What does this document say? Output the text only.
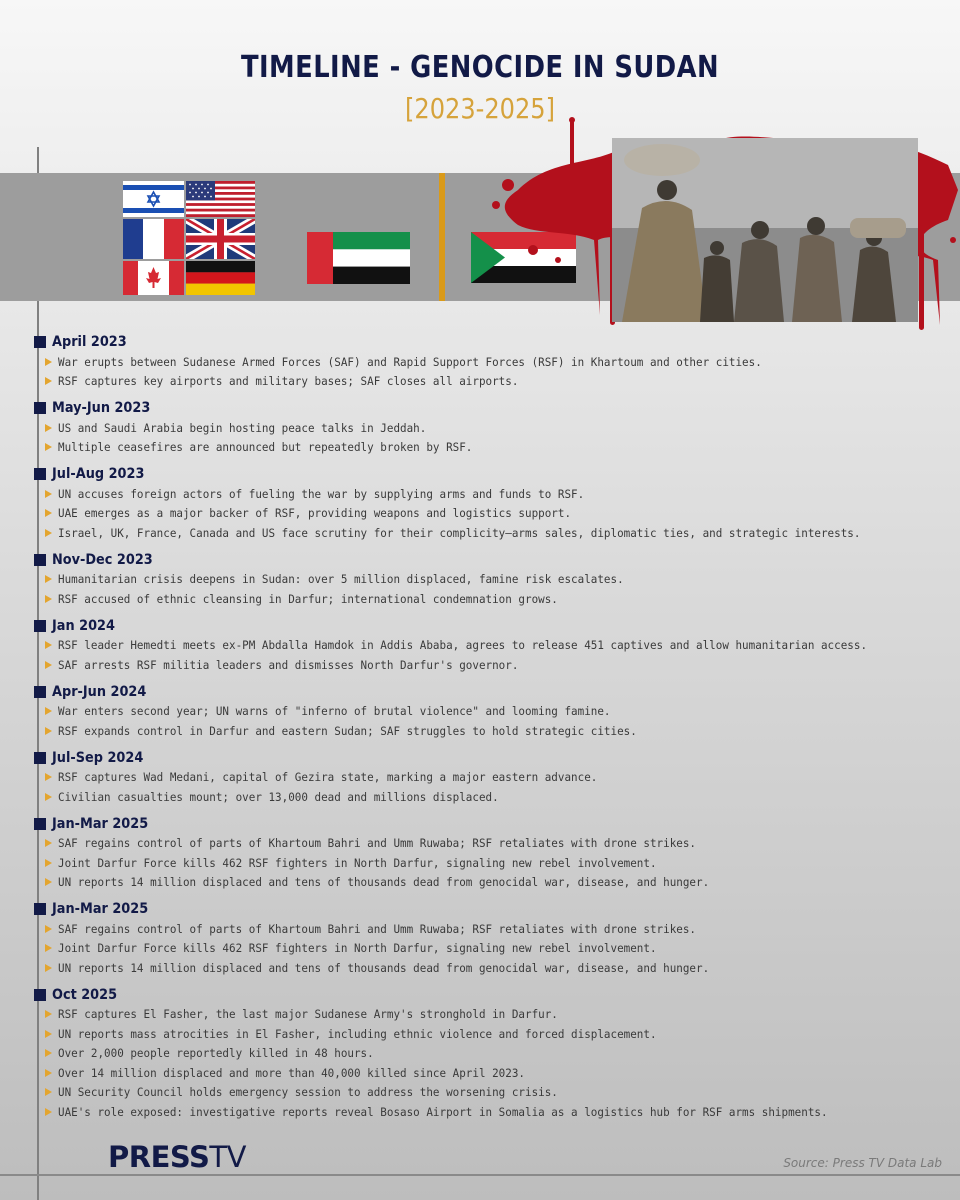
TIMELINE - GENOCIDE IN SUDAN
[2023-2025]
April 2023
War erupts between Sudanese Armed Forces (SAF) and Rapid Support Forces (RSF) in Khartoum and other cities.
RSF captures key airports and military bases; SAF closes all airports.
May-Jun 2023
US and Saudi Arabia begin hosting peace talks in Jeddah.
Multiple ceasefires are announced but repeatedly broken by RSF.
Jul-Aug 2023
UN accuses foreign actors of fueling the war by supplying arms and funds to RSF.
UAE emerges as a major backer of RSF, providing weapons and logistics support.
Israel, UK, France, Canada and US face scrutiny for their complicity—arms sales, diplomatic ties, and strategic interests.
Nov-Dec 2023
Humanitarian crisis deepens in Sudan: over 5 million displaced, famine risk escalates.
RSF accused of ethnic cleansing in Darfur; international condemnation grows.
Jan 2024
RSF leader Hemedti meets ex-PM Abdalla Hamdok in Addis Ababa, agrees to release 451 captives and allow humanitarian access.
SAF arrests RSF militia leaders and dismisses North Darfur's governor.
Apr-Jun 2024
War enters second year; UN warns of "inferno of brutal violence" and looming famine.
RSF expands control in Darfur and eastern Sudan; SAF struggles to hold strategic cities.
Jul-Sep 2024
RSF captures Wad Medani, capital of Gezira state, marking a major eastern advance.
Civilian casualties mount; over 13,000 dead and millions displaced.
Jan-Mar 2025
SAF regains control of parts of Khartoum Bahri and Umm Ruwaba; RSF retaliates with drone strikes.
Joint Darfur Force kills 462 RSF fighters in North Darfur, signaling new rebel involvement.
UN reports 14 million displaced and tens of thousands dead from genocidal war, disease, and hunger.
Jan-Mar 2025
SAF regains control of parts of Khartoum Bahri and Umm Ruwaba; RSF retaliates with drone strikes.
Joint Darfur Force kills 462 RSF fighters in North Darfur, signaling new rebel involvement.
UN reports 14 million displaced and tens of thousands dead from genocidal war, disease, and hunger.
Oct 2025
RSF captures El Fasher, the last major Sudanese Army's stronghold in Darfur.
UN reports mass atrocities in El Fasher, including ethnic violence and forced displacement.
Over 2,000 people reportedly killed in 48 hours.
Over 14 million displaced and more than 40,000 killed since April 2023.
UN Security Council holds emergency session to address the worsening crisis.
UAE's role exposed: investigative reports reveal Bosaso Airport in Somalia as a logistics hub for RSF arms shipments.
PRESSTV	Source: Press TV Data Lab
